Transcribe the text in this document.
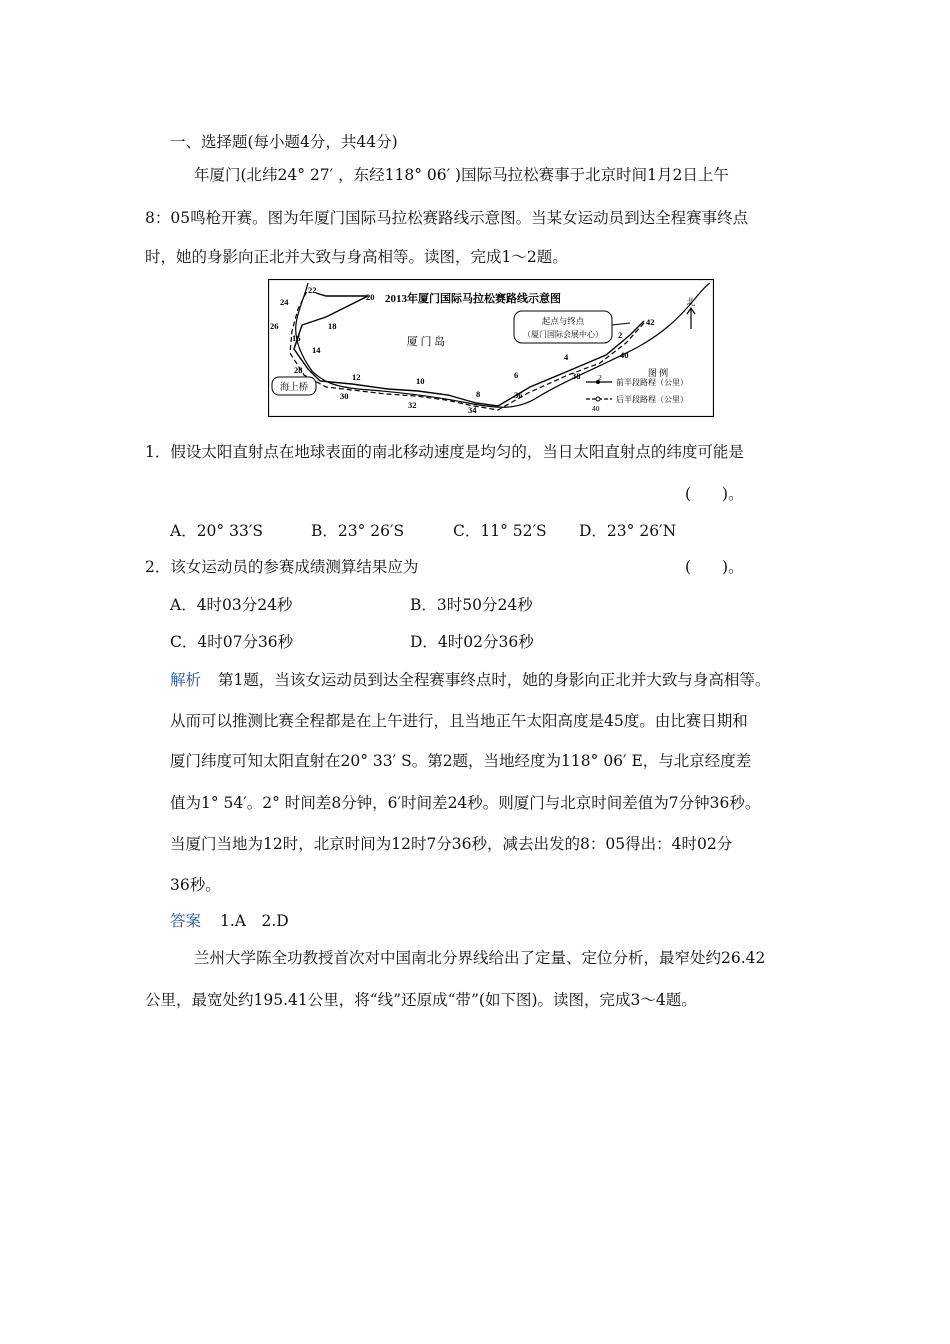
一、选择题(每小题4分，共44分)
年厦门(北纬24° 27′ ，东经118° 06′ )国际马拉松赛事于北京时间1月2日上午
8：05鸣枪开赛。图为年厦门国际马拉松赛路线示意图。当某女运动员到达全程赛事终点
时，她的身影向正北并大致与身高相等。读图，完成1～2题。
海上桥
2013年厦门国际马拉松赛路线示意图
厦 门 岛
起点与终点
（厦门国际会展中心）
北
22
20
24
18
26
16
14
28
12
30
10
32
8
34
6
36
4
38
2
40
42
图 例
2
前半段路程（公里）
40
后半段路程（公里）
1．假设太阳直射点在地球表面的南北移动速度是均匀的，当日太阳直射点的纬度可能是
(　　)。
A．20° 33′S	B．23° 26′S	C．11° 52′S D．23° 26′N
2．该女运动员的参赛成绩测算结果应为	(　　)。
A．4时03分24秒	B．3时50分24秒
C．4时07分36秒	D．4时02分36秒
解析 第1题，当该女运动员到达全程赛事终点时，她的身影向正北并大致与身高相等。
从而可以推测比赛全程都是在上午进行，且当地正午太阳高度是45度。由比赛日期和
厦门纬度可知太阳直射在20° 33′ S。第2题，当地经度为118° 06′ E，与北京经度差
值为1° 54′。2° 时间差8分钟，6′时间差24秒。则厦门与北京时间差值为7分钟36秒。
当厦门当地为12时，北京时间为12时7分36秒，减去出发的8：05得出：4时02分
36秒。
答案 1.A　2.D
兰州大学陈全功教授首次对中国南北分界线给出了定量、定位分析，最窄处约26.42
公里，最宽处约195.41公里，将“线”还原成“带”(如下图)。读图，完成3～4题。
